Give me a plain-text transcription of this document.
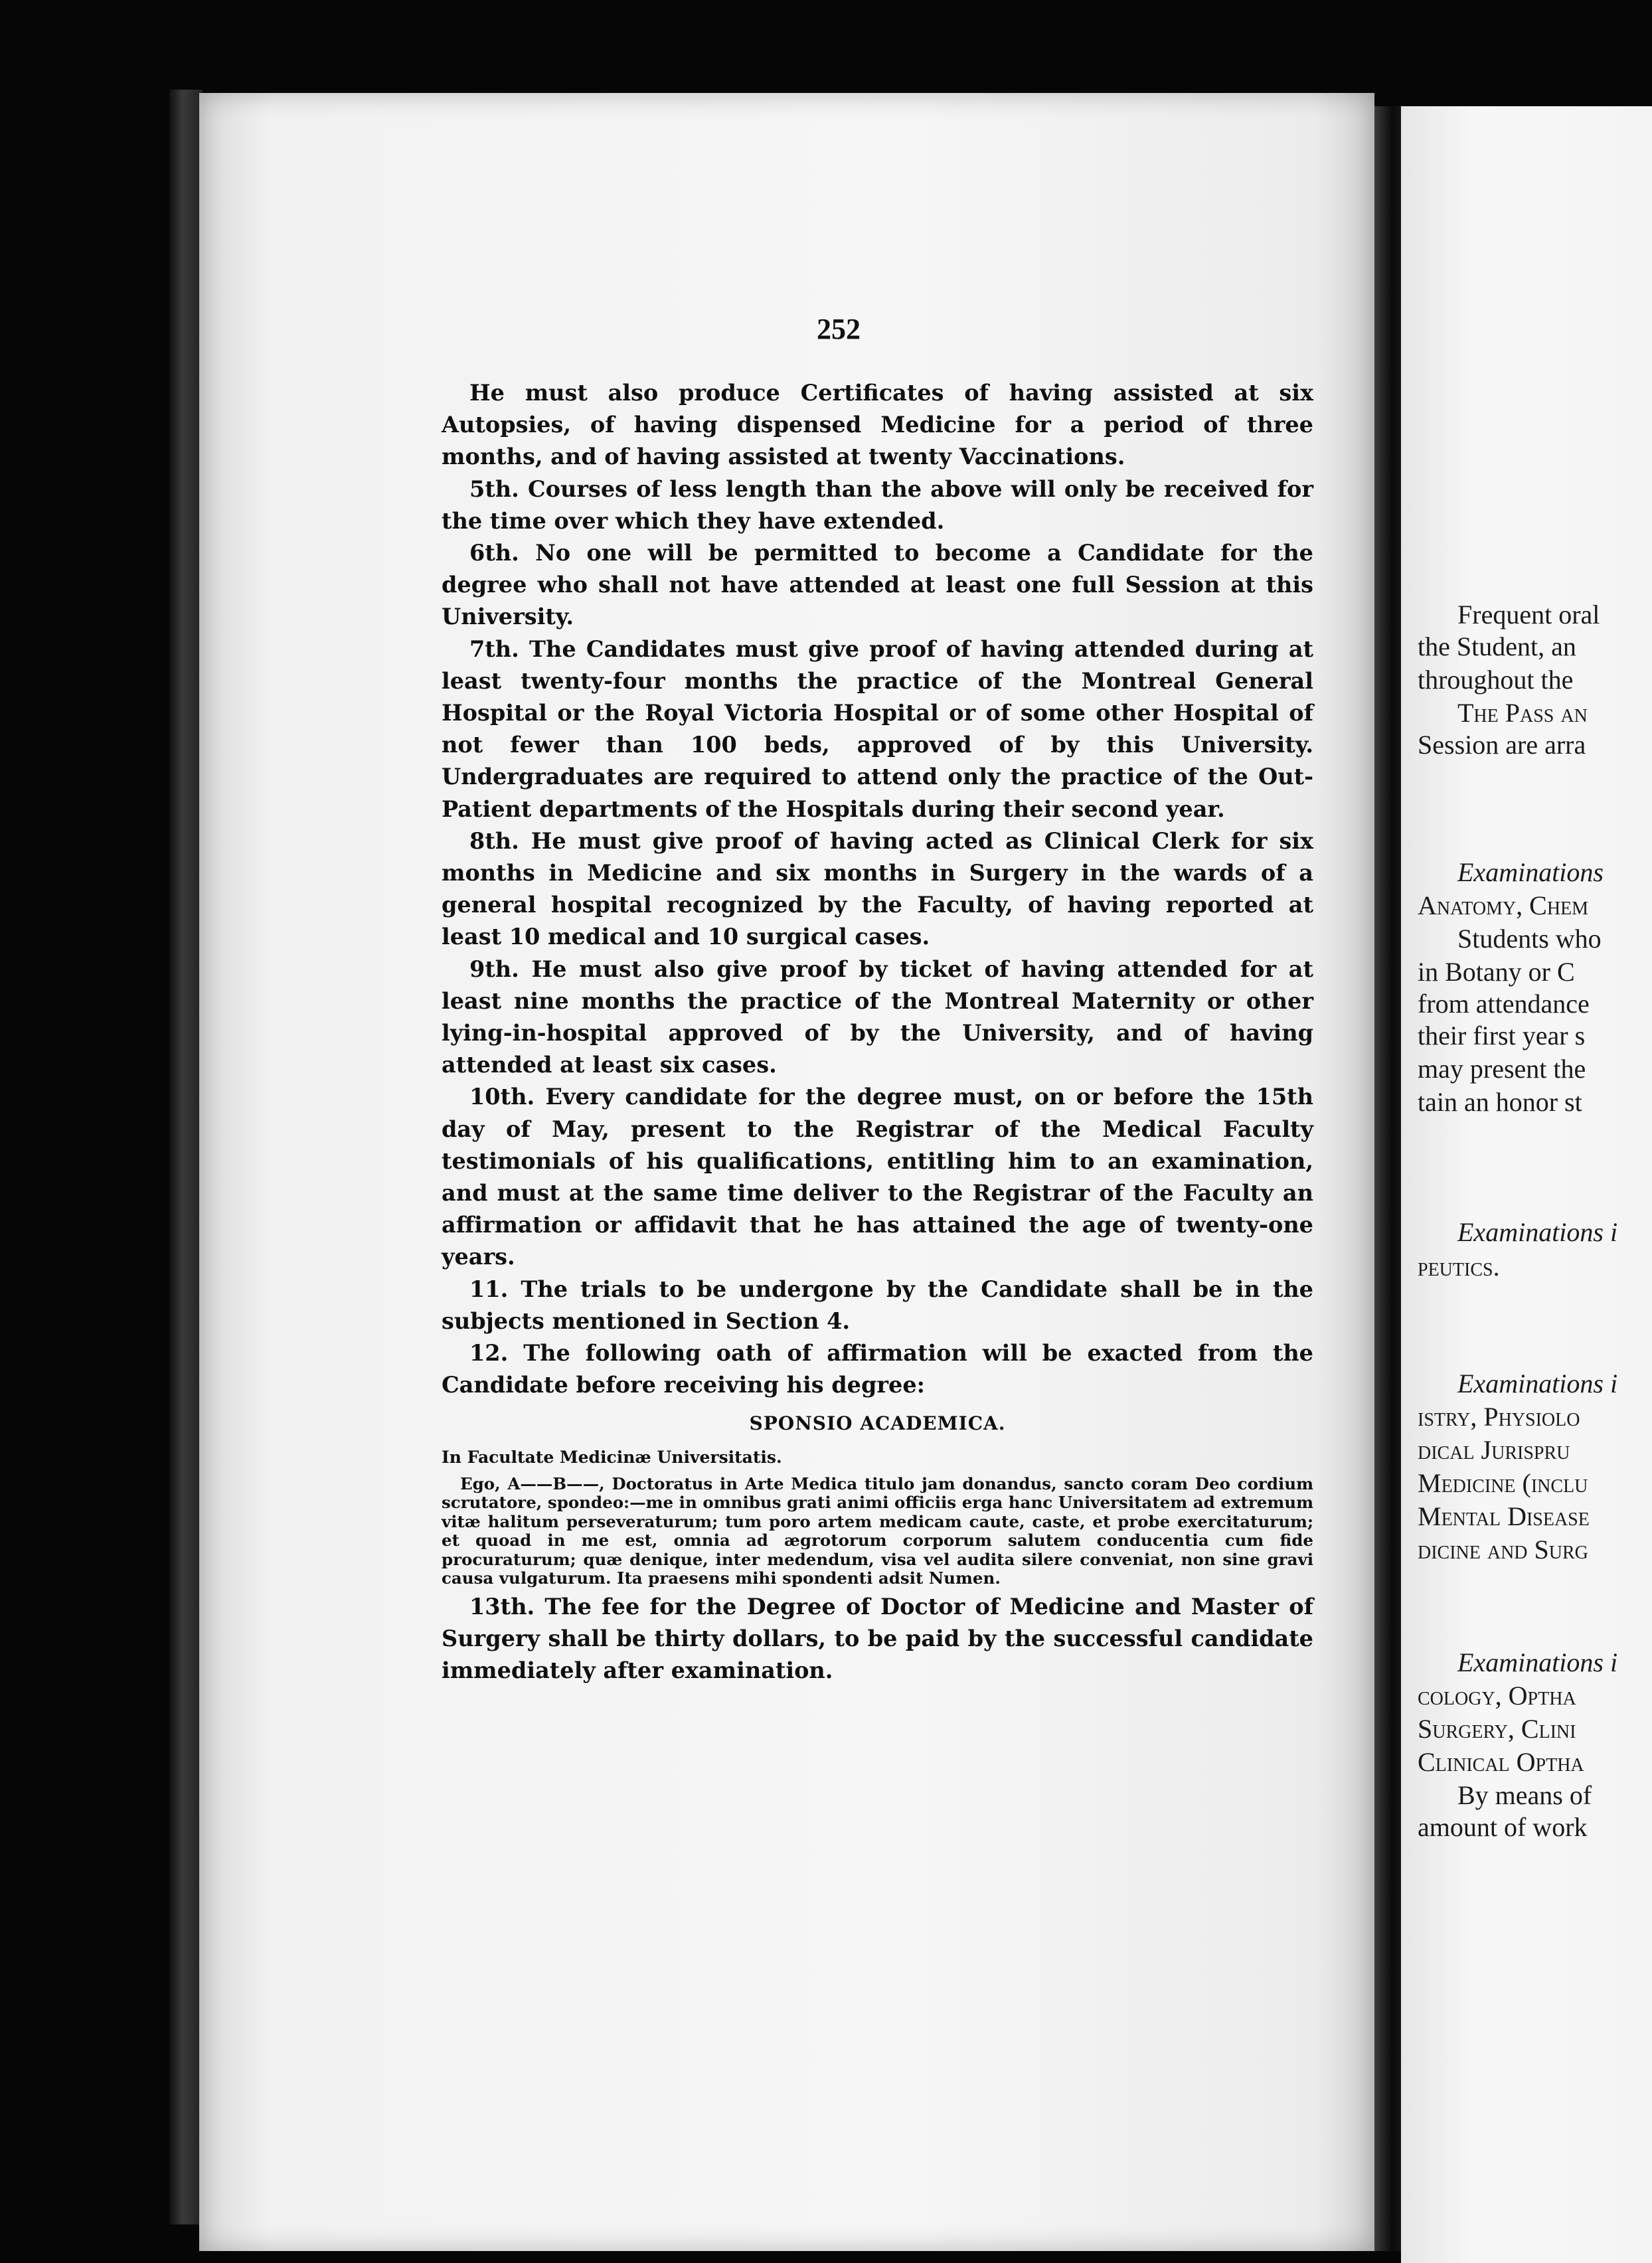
252

He must also produce Certificates of having assisted at six Autopsies, of having dispensed Medicine for a period of three months, and of having assisted at twenty Vaccinations.

5th. Courses of less length than the above will only be received for the time over which they have extended.

6th. No one will be permitted to become a Candidate for the degree who shall not have attended at least one full Session at this University.

7th. The Candidates must give proof of having attended during at least twenty-four months the practice of the Montreal General Hospital or the Royal Victoria Hospital or of some other Hospital of not fewer than 100 beds, approved of by this University. Undergraduates are required to attend only the practice of the Out-Patient departments of the Hospitals during their second year.

8th. He must give proof of having acted as Clinical Clerk for six months in Medicine and six months in Surgery in the wards of a general hospital recognized by the Faculty, of having reported at least 10 medical and 10 surgical cases.

9th. He must also give proof by ticket of having attended for at least nine months the practice of the Montreal Maternity or other lying-in-hospital approved of by the University, and of having attended at least six cases.

10th. Every candidate for the degree must, on or before the 15th day of May, present to the Registrar of the Medical Faculty testimonials of his qualifications, entitling him to an examination, and must at the same time deliver to the Registrar of the Faculty an affirmation or affidavit that he has attained the age of twenty-one years.

11. The trials to be undergone by the Candidate shall be in the subjects mentioned in Section 4.

12. The following oath of affirmation will be exacted from the Candidate before receiving his degree:

SPONSIO ACADEMICA.

In Facultate Medicinæ Universitatis.

Ego, A——B——, Doctoratus in Arte Medica titulo jam donandus, sancto coram Deo cordium scrutatore, spondeo:—me in omnibus grati animi officiis erga hanc Universitatem ad extremum vitæ halitum perseveraturum; tum poro artem medicam caute, caste, et probe exercitaturum; et quoad in me est, omnia ad ægrotorum corporum salutem conducentia cum fide procuraturum; quæ denique, inter medendum, visa vel audita silere conveniat, non sine gravi causa vulgaturum. Ita praesens mihi spondenti adsit Numen.

13th. The fee for the Degree of Doctor of Medicine and Master of Surgery shall be thirty dollars, to be paid by the successful candidate immediately after examination.

Frequent oral

the Student, an

throughout the

The Pass an

Session are arra

Examinations

Anatomy, Chem

Students who

in Botany or C

from attendance

their first year s

may present the

tain an honor st

Examinations i

peutics.

Examinations i

istry, Physiolo

dical Jurispru

Medicine (inclu

Mental Disease

dicine and Surg

Examinations i

cology, Optha

Surgery, Clini

Clinical Optha

By means of

amount of work
